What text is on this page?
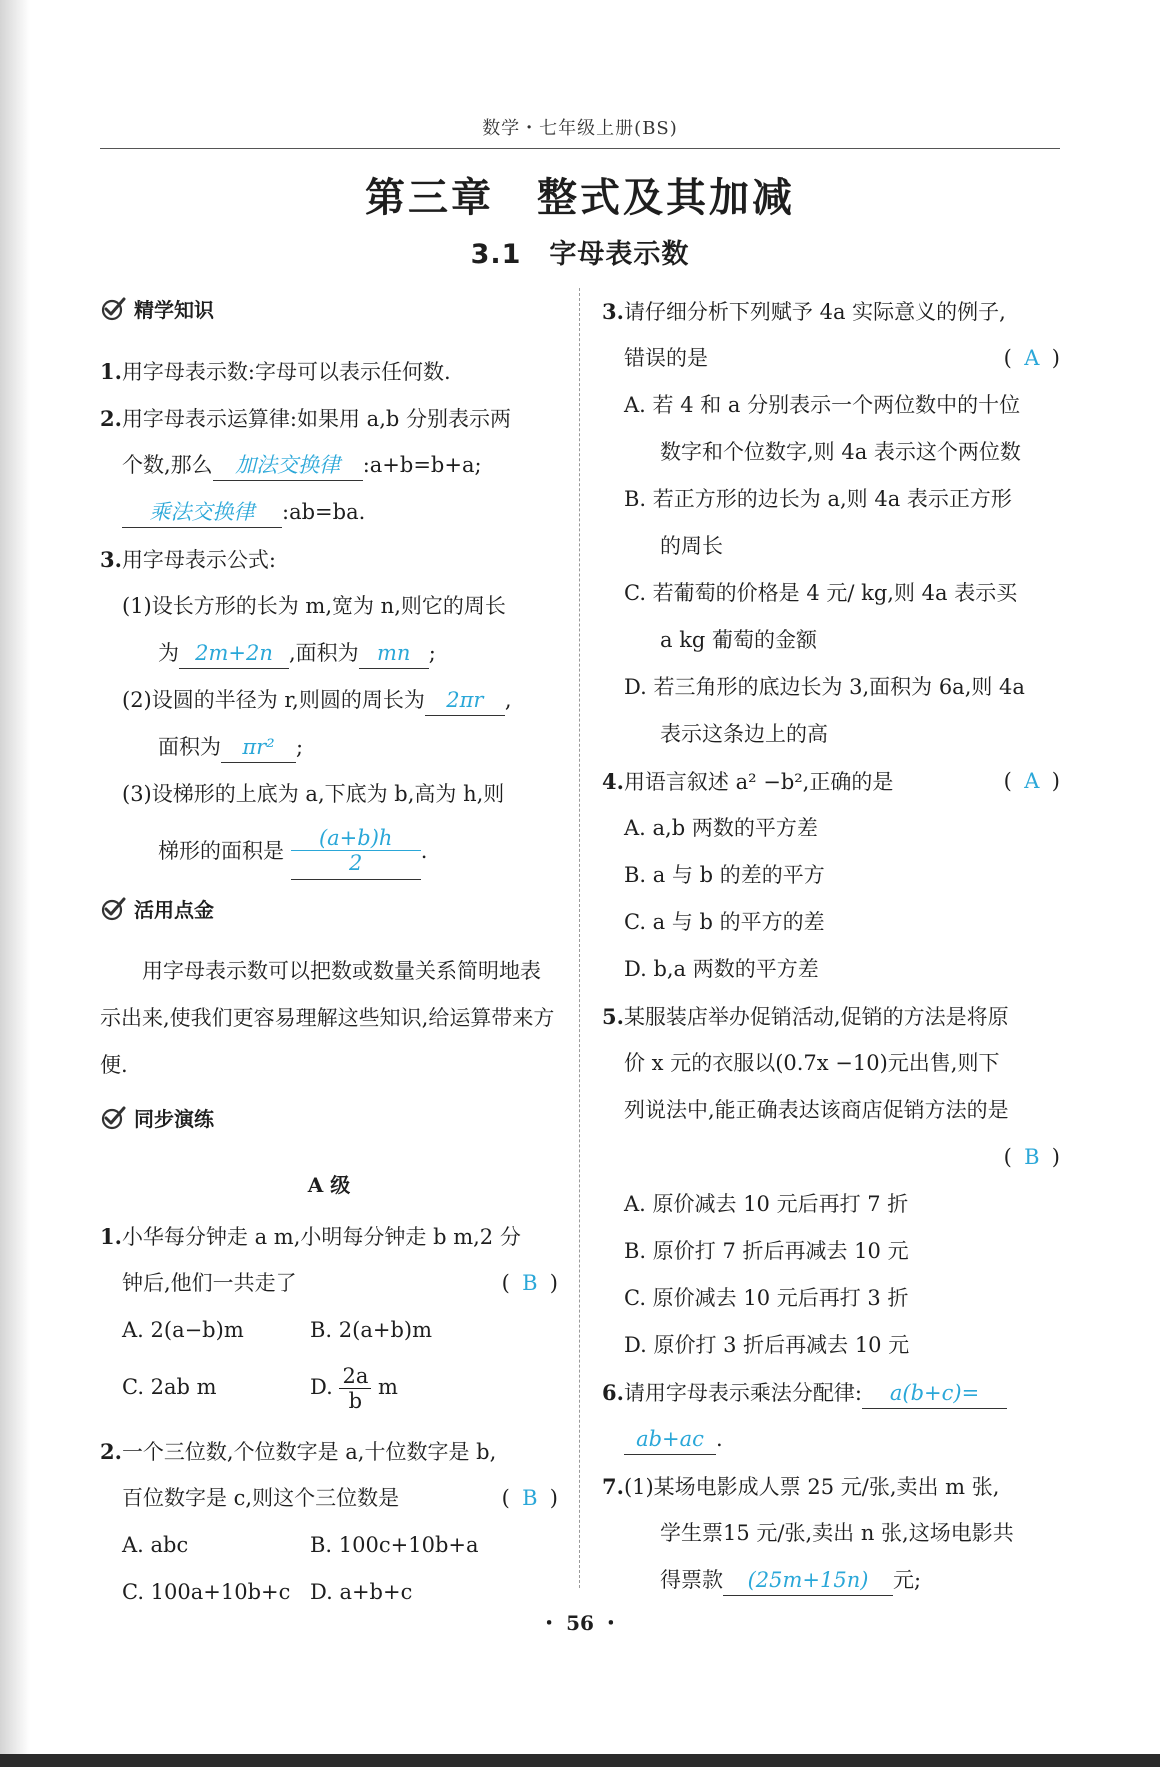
数学・七年级上册(BS)
第三章　整式及其加减
3.1　字母表示数
精学知识
1.用字母表示数:字母可以表示任何数.
2.用字母表示运算律:如果用 a,b 分别表示两
个数,那么 加法交换律 :a+b=b+a;
乘法交换律 :ab=ba.
3.用字母表示公式:
(1)设长方形的长为 m,宽为 n,则它的周长
为 2m+2n ,面积为 mn ;
(2)设圆的半径为 r,则圆的周长为 2πr ,
面积为 πr² ;
(3)设梯形的上底为 a,下底为 b,高为 h,则
梯形的面积是 $\frac{(a+b)h}{2}$ .
活用点金
用字母表示数可以把数或数量关系简明地表示出来,使我们更容易理解这些知识,给运算带来方便.
同步演练
A 级
1.小华每分钟走 a m,小明每分钟走 b m,2 分
钟后,他们一共走了	( B )
A. 2(a−b)m	B. 2(a+b)m
C. 2ab m	D. $\frac{2a}{b}$ m
2.一个三位数,个位数字是 a,十位数字是 b,
百位数字是 c,则这个三位数是	( B )
A. abc	B. 100c+10b+a
C. 100a+10b+c D. a+b+c
3.请仔细分析下列赋予 4a 实际意义的例子,
错误的是	( A )
A. 若 4 和 a 分别表示一个两位数中的十位
数字和个位数字,则 4a 表示这个两位数
B. 若正方形的边长为 a,则 4a 表示正方形
的周长
C. 若葡萄的价格是 4 元/ kg,则 4a 表示买
a kg 葡萄的金额
D. 若三角形的底边长为 3,面积为 6a,则 4a
表示这条边上的高
4.用语言叙述 a² −b²,正确的是	( A )
A. a,b 两数的平方差
B. a 与 b 的差的平方
C. a 与 b 的平方的差
D. b,a 两数的平方差
5.某服装店举办促销活动,促销的方法是将原
价 x 元的衣服以(0.7x −10)元出售,则下
列说法中,能正确表达该商店促销方法的是
( B )
A. 原价减去 10 元后再打 7 折
B. 原价打 7 折后再减去 10 元
C. 原价减去 10 元后再打 3 折
D. 原价打 3 折后再减去 10 元
6.请用字母表示乘法分配律: a(b+c)=
ab+ac .
7.(1)某场电影成人票 25 元/张,卖出 m 张,
学生票15 元/张,卖出 n 张,这场电影共
得票款 (25m+15n) 元;
・ 56 ・
